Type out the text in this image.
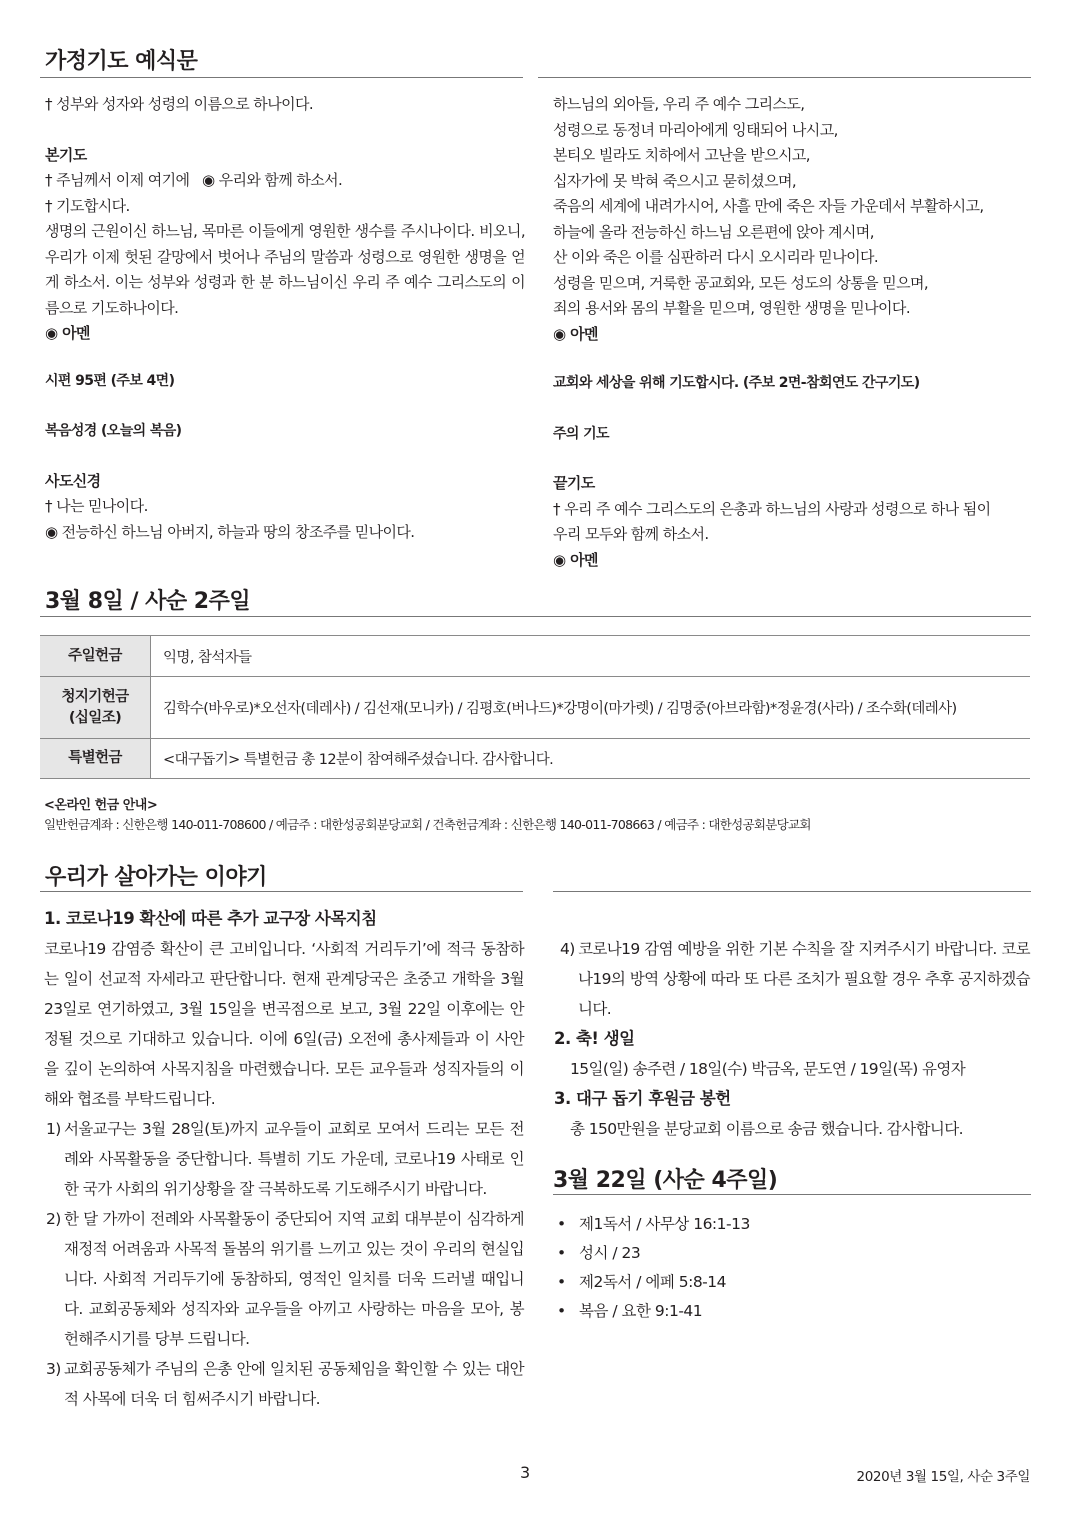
가정기도 예식문
† 성부와 성자와 성령의 이름으로 하나이다.
본기도
† 주님께서 이제 여기에 ◉ 우리와 함께 하소서.
† 기도합시다.
생명의 근원이신 하느님, 목마른 이들에게 영원한 생수를 주시나이다. 비오니, 우리가 이제 헛된 갈망에서 벗어나 주님의 말씀과 성령으로 영원한 생명을 얻게 하소서. 이는 성부와 성령과 한 분 하느님이신 우리 주 예수 그리스도의 이름으로 기도하나이다.
◉ 아멘
시편 95편 (주보 4면)
복음성경 (오늘의 복음)
사도신경
† 나는 믿나이다.
◉ 전능하신 하느님 아버지, 하늘과 땅의 창조주를 믿나이다.
하느님의 외아들, 우리 주 예수 그리스도,
성령으로 동정녀 마리아에게 잉태되어 나시고,
본티오 빌라도 치하에서 고난을 받으시고,
십자가에 못 박혀 죽으시고 묻히셨으며,
죽음의 세계에 내려가시어, 사흘 만에 죽은 자들 가운데서 부활하시고,
하늘에 올라 전능하신 하느님 오른편에 앉아 계시며,
산 이와 죽은 이를 심판하러 다시 오시리라 믿나이다.
성령을 믿으며, 거룩한 공교회와, 모든 성도의 상통을 믿으며,
죄의 용서와 몸의 부활을 믿으며, 영원한 생명을 믿나이다.
◉ 아멘
교회와 세상을 위해 기도합시다. (주보 2면-참회연도 간구기도)
주의 기도
끝기도
† 우리 주 예수 그리스도의 은총과 하느님의 사랑과 성령으로 하나 됨이
우리 모두와 함께 하소서.
◉ 아멘
3월 8일 / 사순 2주일
주일헌금	익명, 참석자들
청지기헌금
(십일조)	김학수(바우로)*오선자(데레사) / 김선재(모니카) / 김평호(버나드)*강명이(마가렛) / 김명중(아브라함)*정윤경(사라) / 조수화(데레사)
특별헌금	<대구돕기> 특별헌금 총 12분이 참여해주셨습니다. 감사합니다.
<온라인 헌금 안내>
일반헌금계좌 : 신한은행 140-011-708600 / 예금주 : 대한성공회분당교회 / 건축헌금계좌 : 신한은행 140-011-708663 / 예금주 : 대한성공회분당교회
우리가 살아가는 이야기
1. 코로나19 확산에 따른 추가 교구장 사목지침
코로나19 감염증 확산이 큰 고비입니다. ‘사회적 거리두기’에 적극 동참하는 일이 선교적 자세라고 판단합니다. 현재 관계당국은 초중고 개학을 3월 23일로 연기하였고, 3월 15일을 변곡점으로 보고, 3월 22일 이후에는 안정될 것으로 기대하고 있습니다. 이에 6일(금) 오전에 총사제들과 이 사안을 깊이 논의하여 사목지침을 마련했습니다. 모든 교우들과 성직자들의 이해와 협조를 부탁드립니다.
1) 서울교구는 3월 28일(토)까지 교우들이 교회로 모여서 드리는 모든 전례와 사목활동을 중단합니다. 특별히 기도 가운데, 코로나19 사태로 인한 국가 사회의 위기상황을 잘 극복하도록 기도해주시기 바랍니다.
2) 한 달 가까이 전례와 사목활동이 중단되어 지역 교회 대부분이 심각하게 재정적 어려움과 사목적 돌봄의 위기를 느끼고 있는 것이 우리의 현실입니다. 사회적 거리두기에 동참하되, 영적인 일치를 더욱 드러낼 때입니다. 교회공동체와 성직자와 교우들을 아끼고 사랑하는 마음을 모아, 봉헌해주시기를 당부 드립니다.
3) 교회공동체가 주님의 은총 안에 일치된 공동체임을 확인할 수 있는 대안적 사목에 더욱 더 힘써주시기 바랍니다.
4) 코로나19 감염 예방을 위한 기본 수칙을 잘 지켜주시기 바랍니다. 코로나19의 방역 상황에 따라 또 다른 조치가 필요할 경우 추후 공지하겠습니다.
2. 축! 생일
15일(일) 송주련 / 18일(수) 박금옥, 문도연 / 19일(목) 유영자
3. 대구 돕기 후원금 봉헌
총 150만원을 분당교회 이름으로 송금 했습니다. 감사합니다.
3월 22일 (사순 4주일)
• 제1독서 / 사무상 16:1-13
• 성시 / 23
• 제2독서 / 에페 5:8-14
• 복음 / 요한 9:1-41
3	2020년 3월 15일, 사순 3주일
